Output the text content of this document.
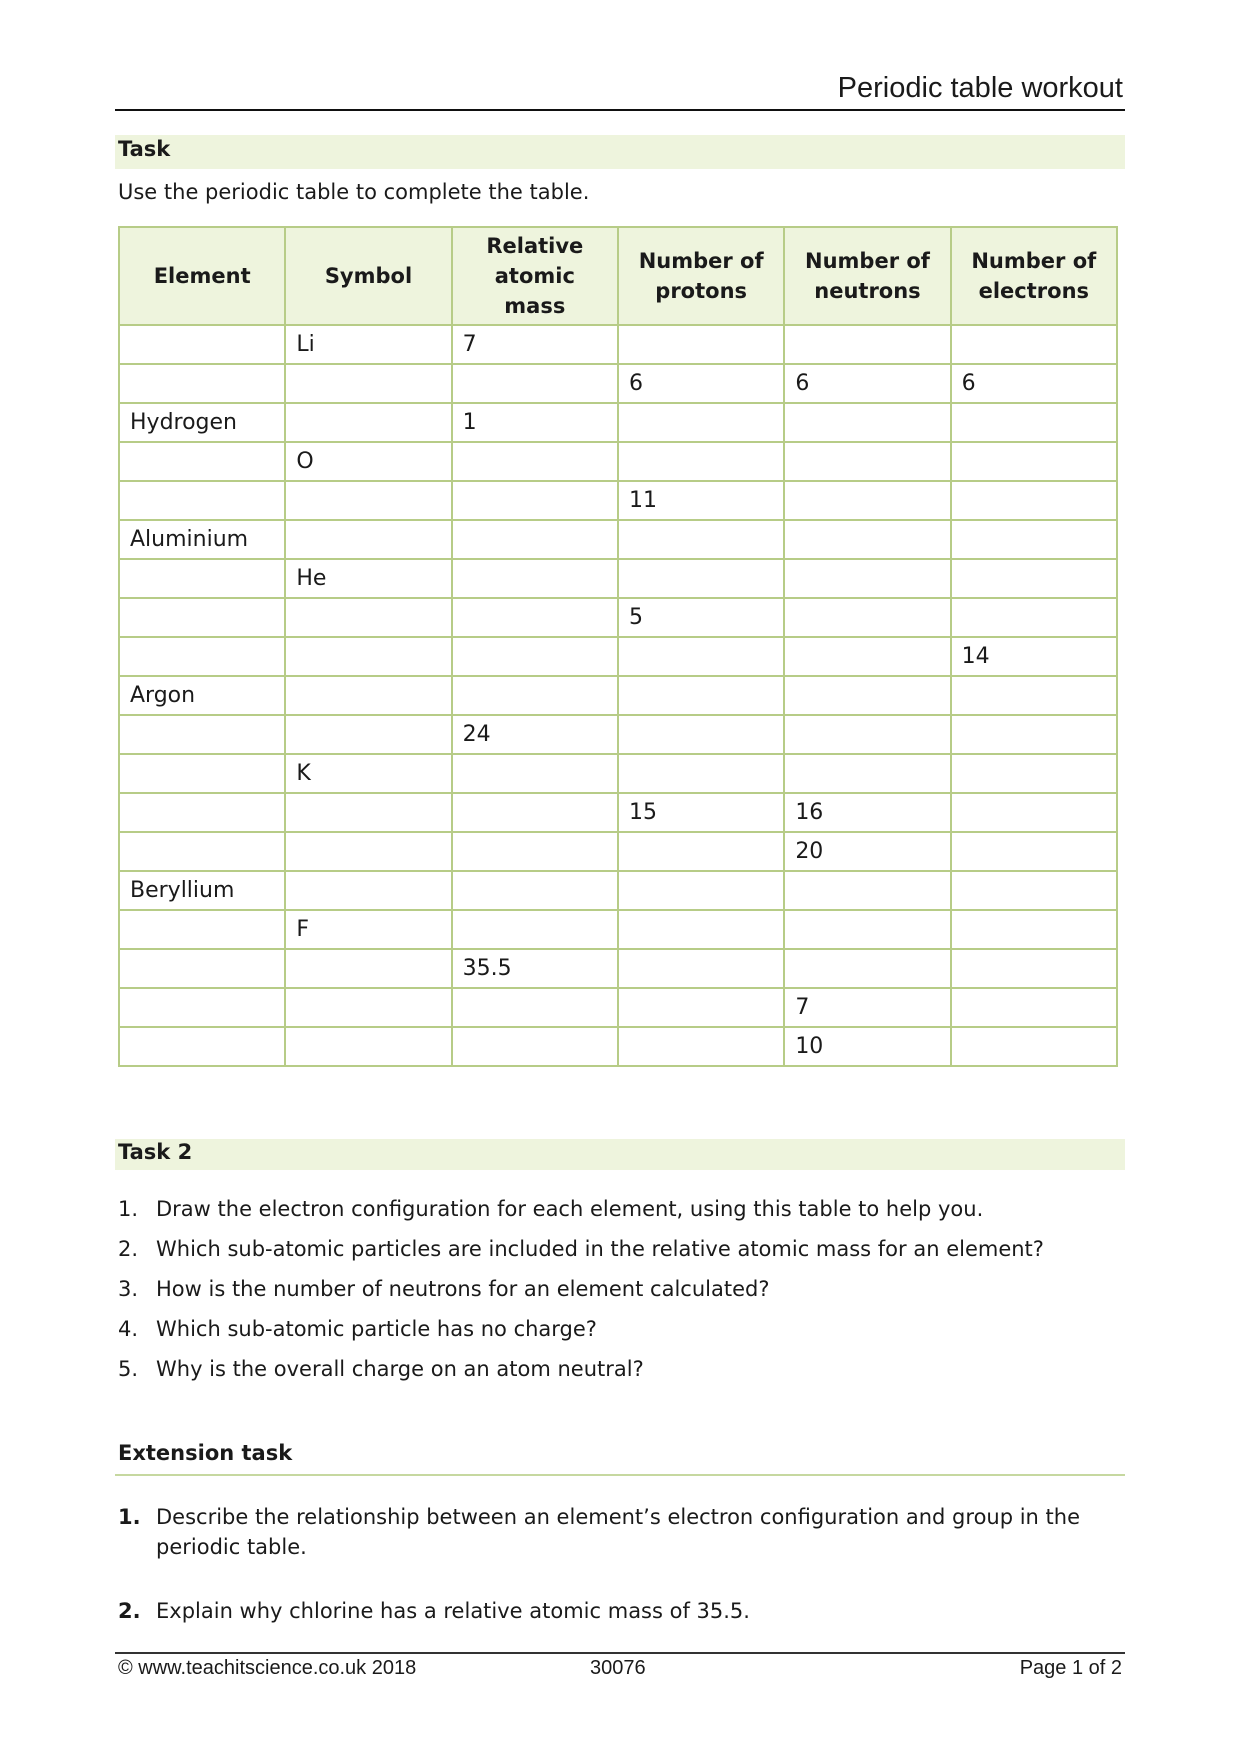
Periodic table workout
Task
Use the periodic table to complete the table.
Element	Symbol	Relative atomic mass	Number of protons	Number of neutrons	Number of electrons
	Li	7			
			6	6	6
Hydrogen		1			
	O				
			11		
Aluminium					
	He				
			5		
					14
Argon					
		24			
	K				
			15	16	
				20	
Beryllium					
	F				
		35.5			
				7	
				10	
Task 2
1. Draw the electron configuration for each element, using this table to help you.
2. Which sub-atomic particles are included in the relative atomic mass for an element?
3. How is the number of neutrons for an element calculated?
4. Which sub-atomic particle has no charge?
5. Why is the overall charge on an atom neutral?
Extension task
1. Describe the relationship between an element’s electron configuration and group in the periodic table.
2. Explain why chlorine has a relative atomic mass of 35.5.
© www.teachitscience.co.uk 2018	30076	Page 1 of 2
